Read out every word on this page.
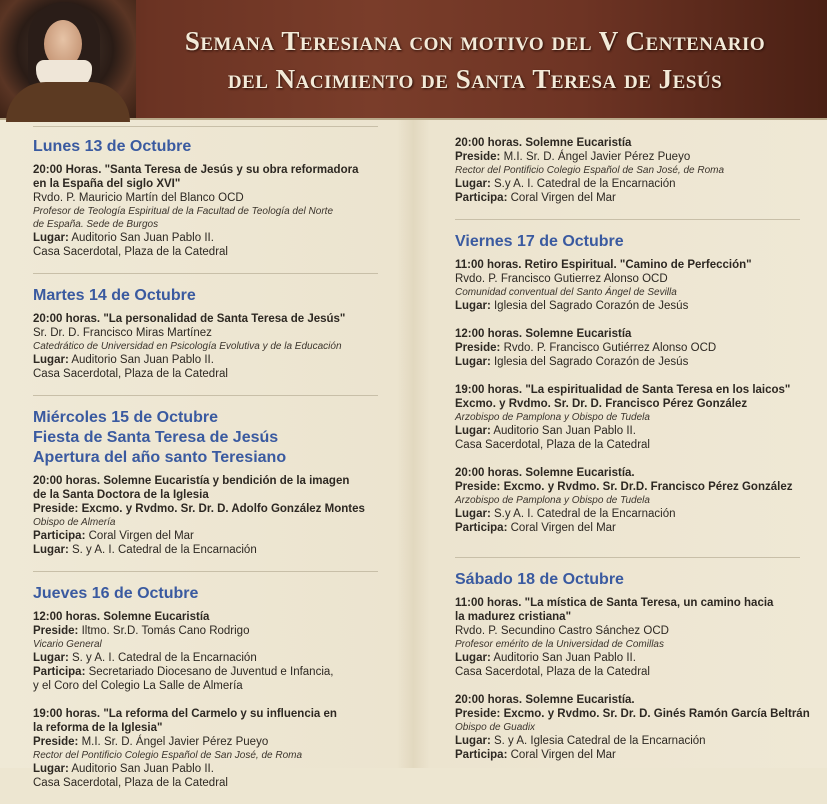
Semana Teresiana con motivo del V Centenario
del Nacimiento de Santa Teresa de Jesús
Lunes 13 de Octubre
20:00 Horas. "Santa Teresa de Jesús y su obra reformadora
en la España del siglo XVI"
Rvdo. P. Mauricio Martín del Blanco OCD
Profesor de Teología Espiritual de la Facultad de Teología del Norte
de España. Sede de Burgos
Lugar: Auditorio San Juan Pablo II.
Casa Sacerdotal, Plaza de la Catedral
Martes 14 de Octubre
20:00 horas. "La personalidad de Santa Teresa de Jesús"
Sr. Dr. D. Francisco Miras Martínez
Catedrático de Universidad en Psicología Evolutiva y de la Educación
Lugar: Auditorio San Juan Pablo II.
Casa Sacerdotal, Plaza de la Catedral
Miércoles 15 de Octubre
Fiesta de Santa Teresa de Jesús
Apertura del año santo Teresiano
20:00 horas. Solemne Eucaristía y bendición de la imagen
de la Santa Doctora de la Iglesia
Preside: Excmo. y Rvdmo. Sr. Dr. D. Adolfo González Montes
Obispo de Almería
Participa: Coral Virgen del Mar
Lugar: S. y A. I. Catedral de la Encarnación
Jueves 16 de Octubre
12:00 horas. Solemne Eucaristía
Preside: Iltmo. Sr.D. Tomás Cano Rodrigo
Vicario General
Lugar: S. y A. I. Catedral de la Encarnación
Participa: Secretariado Diocesano de Juventud e Infancia,
y el Coro del Colegio La Salle de Almería
19:00 horas. "La reforma del Carmelo y su influencia en
la reforma de la Iglesia"
Preside: M.I. Sr. D. Ángel Javier Pérez Pueyo
Rector del Pontificio Colegio Español de San José, de Roma
Lugar: Auditorio San Juan Pablo II.
Casa Sacerdotal, Plaza de la Catedral
20:00 horas. Solemne Eucaristía
Preside: M.I. Sr. D. Ángel Javier Pérez Pueyo
Rector del Pontificio Colegio Español de San José, de Roma
Lugar: S.y A. I. Catedral de la Encarnación
Participa: Coral Virgen del Mar
Viernes 17 de Octubre
11:00 horas. Retiro Espiritual. "Camino de Perfección"
Rvdo. P. Francisco Gutierrez Alonso OCD
Comunidad conventual del Santo Ángel de Sevilla
Lugar: Iglesia del Sagrado Corazón de Jesús
12:00 horas. Solemne Eucaristía
Preside: Rvdo. P. Francisco Gutiérrez Alonso OCD
Lugar: Iglesia del Sagrado Corazón de Jesús
19:00 horas. "La espiritualidad de Santa Teresa en los laicos"
Excmo. y Rvdmo. Sr. Dr. D. Francisco Pérez González
Arzobispo de Pamplona y Obispo de Tudela
Lugar: Auditorio San Juan Pablo II.
Casa Sacerdotal, Plaza de la Catedral
20:00 horas. Solemne Eucaristía.
Preside: Excmo. y Rvdmo. Sr. Dr.D. Francisco Pérez González
Arzobispo de Pamplona y Obispo de Tudela
Lugar: S.y A. I. Catedral de la Encarnación
Participa: Coral Virgen del Mar
Sábado 18 de Octubre
11:00 horas. "La mística de Santa Teresa, un camino hacia
la madurez cristiana"
Rvdo. P. Secundino Castro Sánchez OCD
Profesor emérito de la Universidad de Comillas
Lugar: Auditorio San Juan Pablo II.
Casa Sacerdotal, Plaza de la Catedral
20:00 horas. Solemne Eucaristía.
Preside: Excmo. y Rvdmo. Sr. Dr. D. Ginés Ramón García Beltrán
Obispo de Guadix
Lugar: S. y A. Iglesia Catedral de la Encarnación
Participa: Coral Virgen del Mar
